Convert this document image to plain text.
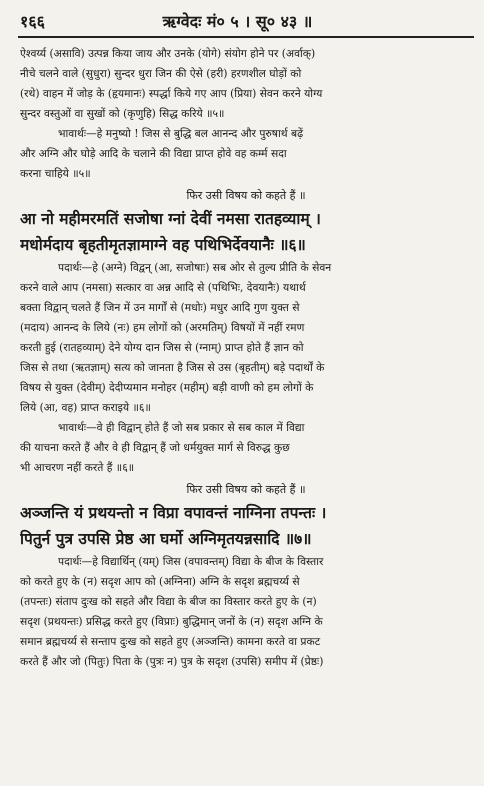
१६६	ऋग्वेदः मं० ५ । सू० ४३ ॥
ऐश्वर्य्य (असावि) उत्पन्न किया जाय और उनके (योगे) संयोग होने पर (अर्वाक्)
नीचे चलने वाले (सुधुरा) सुन्दर धुरा जिन की ऐसे (हरी) हरणशील घोड़ों को
(रथे) वाहन में जोड़ के (हृयमानः) स्पर्द्धा किये गए आप (प्रिया) सेवन करने योग्य
सुन्दर वस्तुओं वा सुखों को (कृणुहि) सिद्ध करिये ॥५॥
भावार्थः—हे मनुष्यो ! जिस से बुद्धि बल आनन्द और पुरुषार्थ बढ़ें
और अग्नि और घोड़े आदि के चलाने की विद्या प्राप्त होवे वह कर्म्म सदा
करना चाहिये ॥५॥
फिर उसी विषय को कहते हैं ॥
आ नो महीमरमतिं सजोषा ग्नां देवीं नमसा रातहव्याम् ।
मधोर्मदाय बृहतीमृतज्ञामाग्ने वह पथिभिर्देवयानैः ॥६॥
पदार्थः—हे (अग्ने) विद्वन् (आ, सजोषाः) सब ओर से तुल्य प्रीति के सेवन
करने वाले आप (नमसा) सत्कार वा अन्न आदि से (पथिभिः, देवयानैः) यथार्थ
बक्ता विद्वान् चलते हैं जिन में उन मार्गों से (मधोः) मधुर आदि गुण युक्त से
(मदाय) आनन्द के लिये (नः) हम लोगों को (अरमतिम्) विषयों में नहीं रमण
करती हुई (रातहव्याम्) देने योग्य दान जिस से (ग्नाम्) प्राप्त होते हैं ज्ञान को
जिस से तथा (ऋतज्ञाम्) सत्य को जानता है जिस से उस (बृहतीम्) बड़े पदार्थों के
विषय से युक्त (देवीम्) देदीप्यमान मनोहर (महीम्) बड़ी वाणी को हम लोगों के
लिये (आ, वह) प्राप्त कराइये ॥६॥
भावार्थः—वे ही विद्वान् होते हैं जो सब प्रकार से सब काल में विद्या
की याचना करते हैं और वे ही विद्वान् हैं जो धर्मयुक्त मार्ग से विरुद्ध कुछ
भी आचरण नहीं करते हैं ॥६॥
फिर उसी विषय को कहते हैं ॥
अञ्जन्ति यं प्रथयन्तो न विप्रा वपावन्तं नाग्निना तपन्तः ।
पितुर्न पुत्र उपसि प्रेष्ठ आ घर्मो अग्निमृतयन्नसादि ॥७॥
पदार्थः—हे विद्यार्थिन् (यम्) जिस (वपावन्तम्) विद्या के बीज के विस्तार
को करते हुए के (न) सदृश आप को (अग्निना) अग्नि के सदृश ब्रह्मचर्य्य से
(तपन्तः) संताप दुःख को सहते और विद्या के बीज का विस्तार करते हुए के (न)
सदृश (प्रथयन्तः) प्रसिद्ध करते हुए (विप्राः) बुद्धिमान् जनों के (न) सदृश अग्नि के
समान ब्रह्मचर्य्य से सन्ताप दुःख को सहते हुए (अञ्जन्ति) कामना करते वा प्रकट
करते हैं और जो (पितुः) पिता के (पुत्रः न) पुत्र के सदृश (उपसि) समीप में (प्रेष्ठः)
